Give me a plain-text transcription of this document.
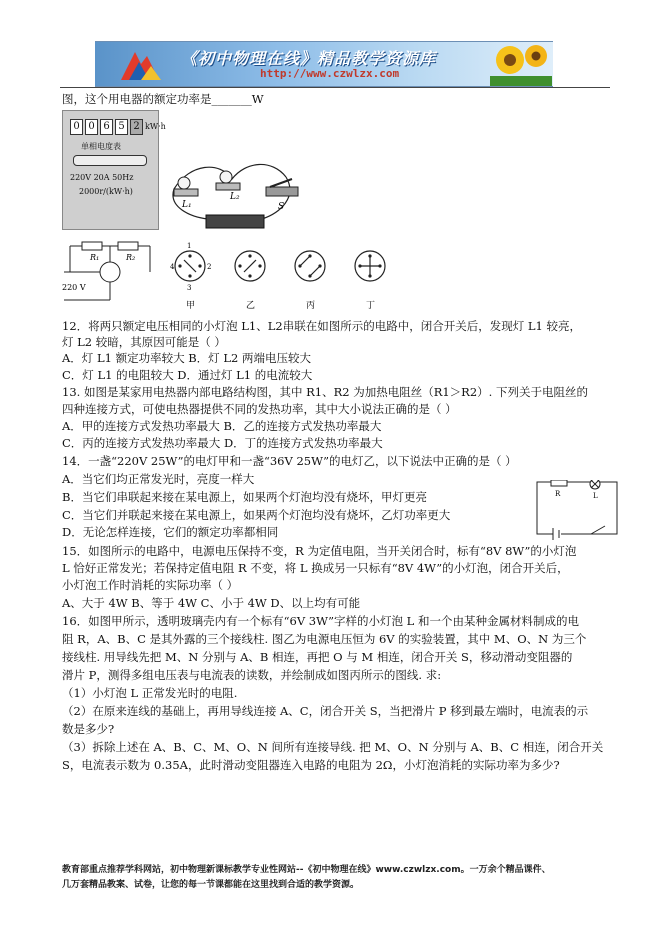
《初中物理在线》精品教学资源库
http://www.czwlzx.com
图，这个用电器的额定功率是_______W
0 0 6 5 2 kW·h
单相电度表
220V 20A 50Hz
2000r/(kW·h)
L₁
L₂
S
R₁	R₂
220 V
1
2
3
4
甲	乙	丙	丁
12．将两只额定电压相同的小灯泡 L1、L2串联在如图所示的电路中，闭合开关后，发现灯 L1 较亮，
灯 L2 较暗，其原因可能是（ ）
A．灯 L1 额定功率较大 B．灯 L2 两端电压较大
C．灯 L1 的电阻较大 D．通过灯 L1 的电流较大
13. 如图是某家用电热器内部电路结构图，其中 R1、R2 为加热电阻丝（R1＞R2）. 下列关于电阻丝的
四种连接方式，可使电热器提供不同的发热功率，其中大小说法正确的是（ ）
A．甲的连接方式发热功率最大 B．乙的连接方式发热功率最大
C．丙的连接方式发热功率最大 D．丁的连接方式发热功率最大
14．一盏“220V 25W”的电灯甲和一盏“36V 25W”的电灯乙，以下说法中正确的是（ ）
A．当它们均正常发光时，亮度一样大
B．当它们串联起来接在某电源上，如果两个灯泡均没有烧坏，甲灯更亮
C．当它们并联起来接在某电源上，如果两个灯泡均没有烧坏，乙灯功率更大
D．无论怎样连接，它们的额定功率都相同
R	L
15．如图所示的电路中，电源电压保持不变，R 为定值电阻，当开关闭合时，标有“8V 8W”的小灯泡
L 恰好正常发光；若保持定值电阻 R 不变，将 L 换成另一只标有“8V 4W”的小灯泡，闭合开关后，
小灯泡工作时消耗的实际功率（ ）
A、大于 4W B、等于 4W C、小于 4W D、以上均有可能
16．如图甲所示，透明玻璃壳内有一个标有“6V 3W”字样的小灯泡 L 和一个由某种金属材料制成的电
阻 R，A、B、C 是其外露的三个接线柱. 图乙为电源电压恒为 6V 的实验装置，其中 M、O、N 为三个
接线柱. 用导线先把 M、N 分别与 A、B 相连，再把 O 与 M 相连，闭合开关 S，移动滑动变阻器的
滑片 P，测得多组电压表与电流表的读数，并绘制成如图丙所示的图线. 求:
（1）小灯泡 L 正常发光时的电阻.
（2）在原来连线的基础上，再用导线连接 A、C，闭合开关 S，当把滑片 P 移到最左端时，电流表的示
数是多少?
（3）拆除上述在 A、B、C、M、O、N 间所有连接导线. 把 M、O、N 分别与 A、B、C 相连，闭合开关
S，电流表示数为 0.35A，此时滑动变阻器连入电路的电阻为 2Ω，小灯泡消耗的实际功率为多少?
教育部重点推荐学科网站，初中物理新课标教学专业性网站--《初中物理在线》www.czwlzx.com。一万余个精品课件、
几万套精品教案、试卷，让您的每一节课都能在这里找到合适的教学资源。
